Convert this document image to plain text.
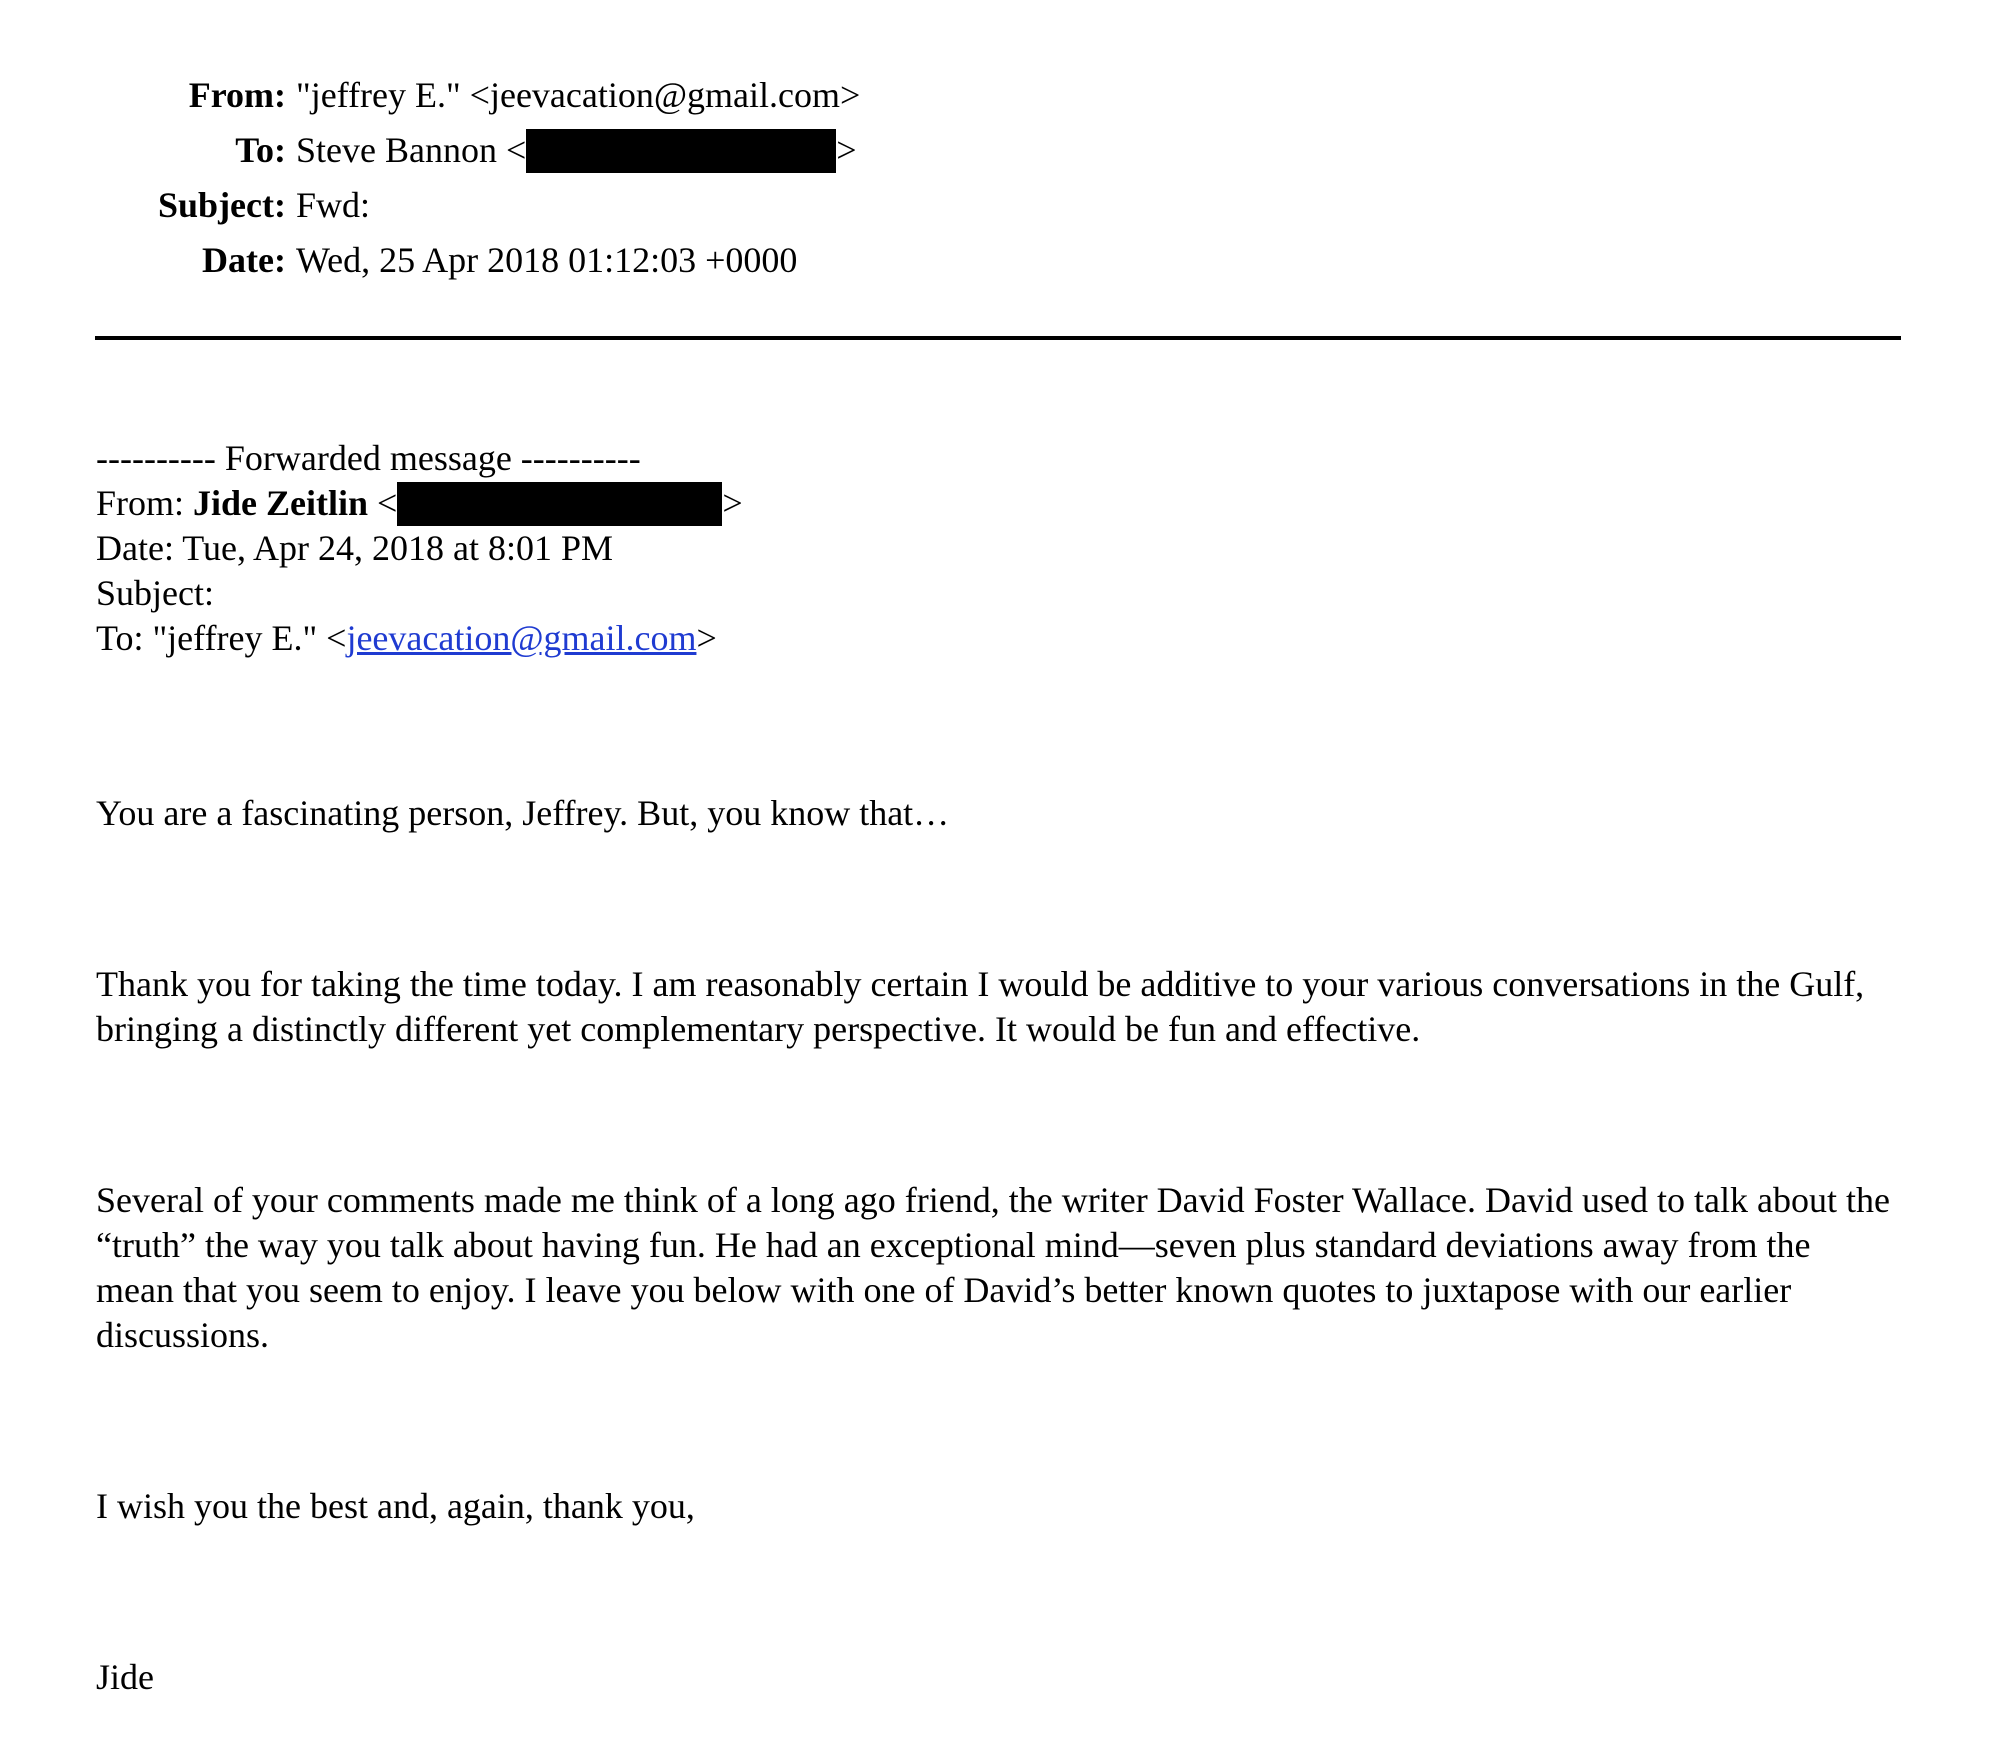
From: "jeffrey E." <jeevacation@gmail.com>
To: Steve Bannon <	>
Subject: Fwd:
Date: Wed, 25 Apr 2018 01:12:03 +0000
---------- Forwarded message ----------
From: Jide Zeitlin <	>
Date: Tue, Apr 24, 2018 at 8:01 PM
Subject:
To: "jeffrey E." <jeevacation@gmail.com>

You are a fascinating person, Jeffrey. But, you know that…

Thank you for taking the time today. I am reasonably certain I would be additive to your various conversations in the Gulf, bringing a distinctly different yet complementary perspective. It would be fun and effective.

Several of your comments made me think of a long ago friend, the writer David Foster Wallace. David used to talk about the “truth” the way you talk about having fun. He had an exceptional mind—seven plus standard deviations away from the mean that you seem to enjoy. I leave you below with one of David’s better known quotes to juxtapose with our earlier discussions.

I wish you the best and, again, thank you,

Jide
